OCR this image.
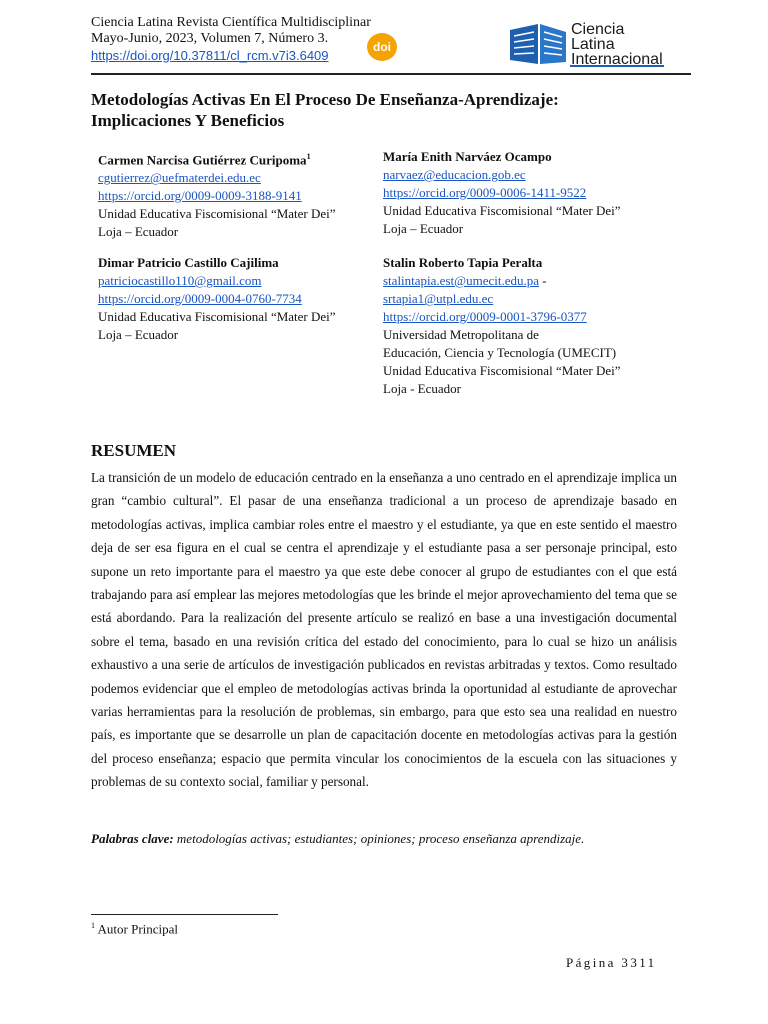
Ciencia Latina Revista Científica Multidisciplinar
Mayo-Junio, 2023, Volumen 7, Número 3.
https://doi.org/10.37811/cl_rcm.v7i3.6409
doi
Ciencia
Latina
Internacional
Metodologías Activas En El Proceso De Enseñanza-Aprendizaje: Implicaciones Y Beneficios
Carmen Narcisa Gutiérrez Curipoma$^1$
cgutierrez@uefmaterdei.edu.ec
https://orcid.org/0009-0009-3188-9141
Unidad Educativa Fiscomisional “Mater Dei”
Loja – Ecuador
María Enith Narváez Ocampo
narvaez@educacion.gob.ec
https://orcid.org/0009-0006-1411-9522
Unidad Educativa Fiscomisional “Mater Dei”
Loja – Ecuador
Dimar Patricio Castillo Cajilima
patriciocastillo110@gmail.com
https://orcid.org/0009-0004-0760-7734
Unidad Educativa Fiscomisional “Mater Dei”
Loja – Ecuador
Stalin Roberto Tapia Peralta
stalintapia.est@umecit.edu.pa -
srtapia1@utpl.edu.ec
https://orcid.org/0009-0001-3796-0377
Universidad Metropolitana de
Educación, Ciencia y Tecnología (UMECIT)
Unidad Educativa Fiscomisional “Mater Dei”
Loja - Ecuador
RESUMEN
La transición de un modelo de educación centrado en la enseñanza a uno centrado en el aprendizaje implica un gran “cambio cultural”. El pasar de una enseñanza tradicional a un proceso de aprendizaje basado en metodologías activas, implica cambiar roles entre el maestro y el estudiante, ya que en este sentido el maestro deja de ser esa figura en el cual se centra el aprendizaje y el estudiante pasa a ser personaje principal, esto supone un reto importante para el maestro ya que este debe conocer al grupo de estudiantes con el que está trabajando para así emplear las mejores metodologías que les brinde el mejor aprovechamiento del tema que se está abordando. Para la realización del presente artículo se realizó en base a una investigación documental sobre el tema, basado en una revisión crítica del estado del conocimiento, para lo cual se hizo un análisis exhaustivo a una serie de artículos de investigación publicados en revistas arbitradas y textos. Como resultado podemos evidenciar que el empleo de metodologías activas brinda la oportunidad al estudiante de aprovechar varias herramientas para la resolución de problemas, sin embargo, para que esto sea una realidad en nuestro país, es importante que se desarrolle un plan de capacitación docente en metodologías activas para la gestión del proceso enseñanza; espacio que permita vincular los conocimientos de la escuela con las situaciones y problemas de su contexto social, familiar y personal.
Palabras clave: metodologías activas; estudiantes; opiniones; proceso enseñanza aprendizaje.
$^1$ Autor Principal
Página 3311
